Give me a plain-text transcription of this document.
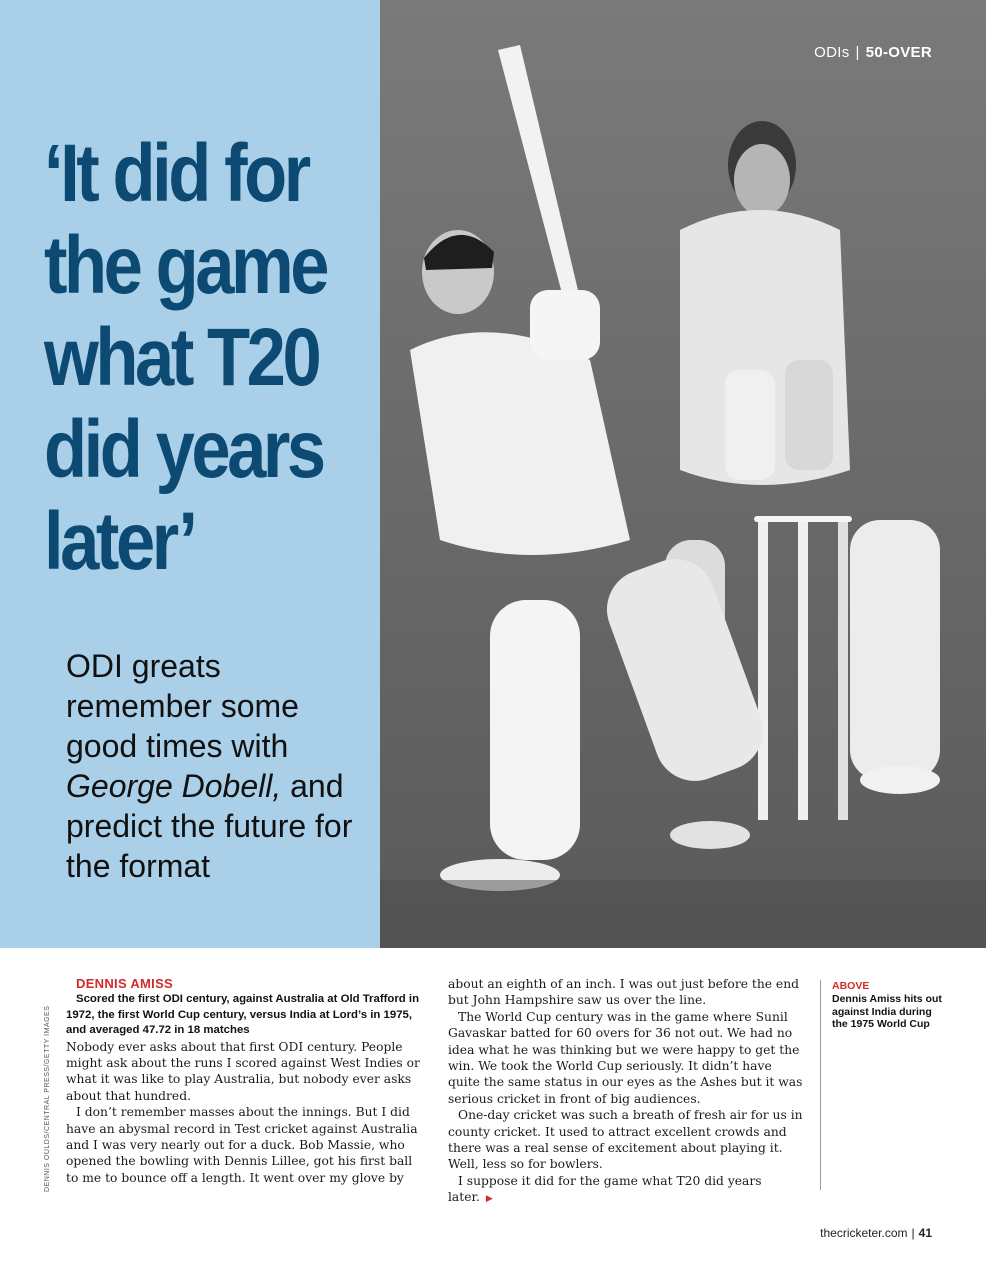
‘It did for the game what T20 did years later’

ODI greats remember some good times with George Dobell, and predict the future for the format

ODIs | 50-OVER
DENNIS OULDS/CENTRAL PRESS/GETTY IMAGES

DENNIS AMISS

Scored the first ODI century, against Australia at Old Trafford in 1972, the first World Cup century, versus India at Lord’s in 1975, and averaged 47.72 in 18 matches

Nobody ever asks about that first ODI century. People might ask about the runs I scored against West Indies or what it was like to play Australia, but nobody ever asks about that hundred.

I don’t remember masses about the innings. But I did have an abysmal record in Test cricket against Australia and I was very nearly out for a duck. Bob Massie, who opened the bowling with Dennis Lillee, got his first ball to me to bounce off a length. It went over my glove by

about an eighth of an inch. I was out just before the end but John Hampshire saw us over the line.

The World Cup century was in the game where Sunil Gavaskar batted for 60 overs for 36 not out. We had no idea what he was thinking but we were happy to get the win. We took the World Cup seriously. It didn’t have quite the same status in our eyes as the Ashes but it was serious cricket in front of big audiences.

One-day cricket was such a breath of fresh air for us in county cricket. It used to attract excellent crowds and there was a real sense of excitement about playing it. Well, less so for bowlers.

I suppose it did for the game what T20 did years later. ▶

ABOVE

Dennis Amiss hits out against India during the 1975 World Cup

thecricketer.com | 41
